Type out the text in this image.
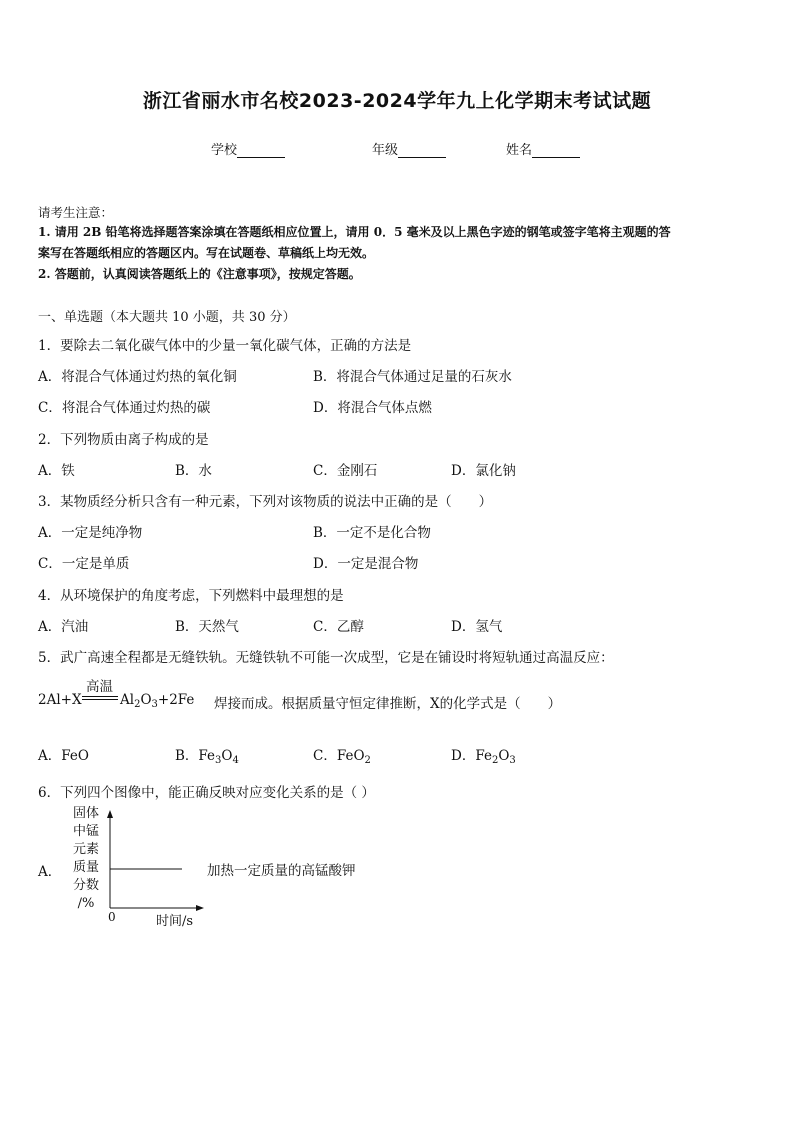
浙江省丽水市名校2023-2024学年九上化学期末考试试题
学校	年级	姓名
请考生注意：
1. 请用 2B 铅笔将选择题答案涂填在答题纸相应位置上，请用 0．5 毫米及以上黑色字迹的钢笔或签字笔将主观题的答
案写在答题纸相应的答题区内。写在试题卷、草稿纸上均无效。
2. 答题前，认真阅读答题纸上的《注意事项》，按规定答题。
一、单选题（本大题共 10 小题，共 30 分）
1．要除去二氧化碳气体中的少量一氧化碳气体，正确的方法是
A．将混合气体通过灼热的氧化铜	B．将混合气体通过足量的石灰水
C．将混合气体通过灼热的碳	D．将混合气体点燃
2．下列物质由离子构成的是
A．铁	B．水	C．金刚石	D．氯化钠
3．某物质经分析只含有一种元素，下列对该物质的说法中正确的是（　　）
A．一定是纯净物	B．一定不是化合物
C．一定是单质	D．一定是混合物
4．从环境保护的角度考虑，下列燃料中最理想的是
A．汽油	B．天然气	C．乙醇	D．氢气
5．武广高速全程都是无缝铁轨。无缝铁轨不可能一次成型，它是在铺设时将短轨通过高温反应：
2Al+X
高温
$Al_2O_3+2Fe$ 焊接而成。根据质量守恒定律推断，X的化学式是（　　）
A．FeO	B．$Fe_3O_4$	C．FeO$_2$	D．$Fe_2O_3$
6．下列四个图像中，能正确反映对应变化关系的是（ ）
A．
固体
中锰
元素
质量
分数
/%
0	时间/s
加热一定质量的高锰酸钾
